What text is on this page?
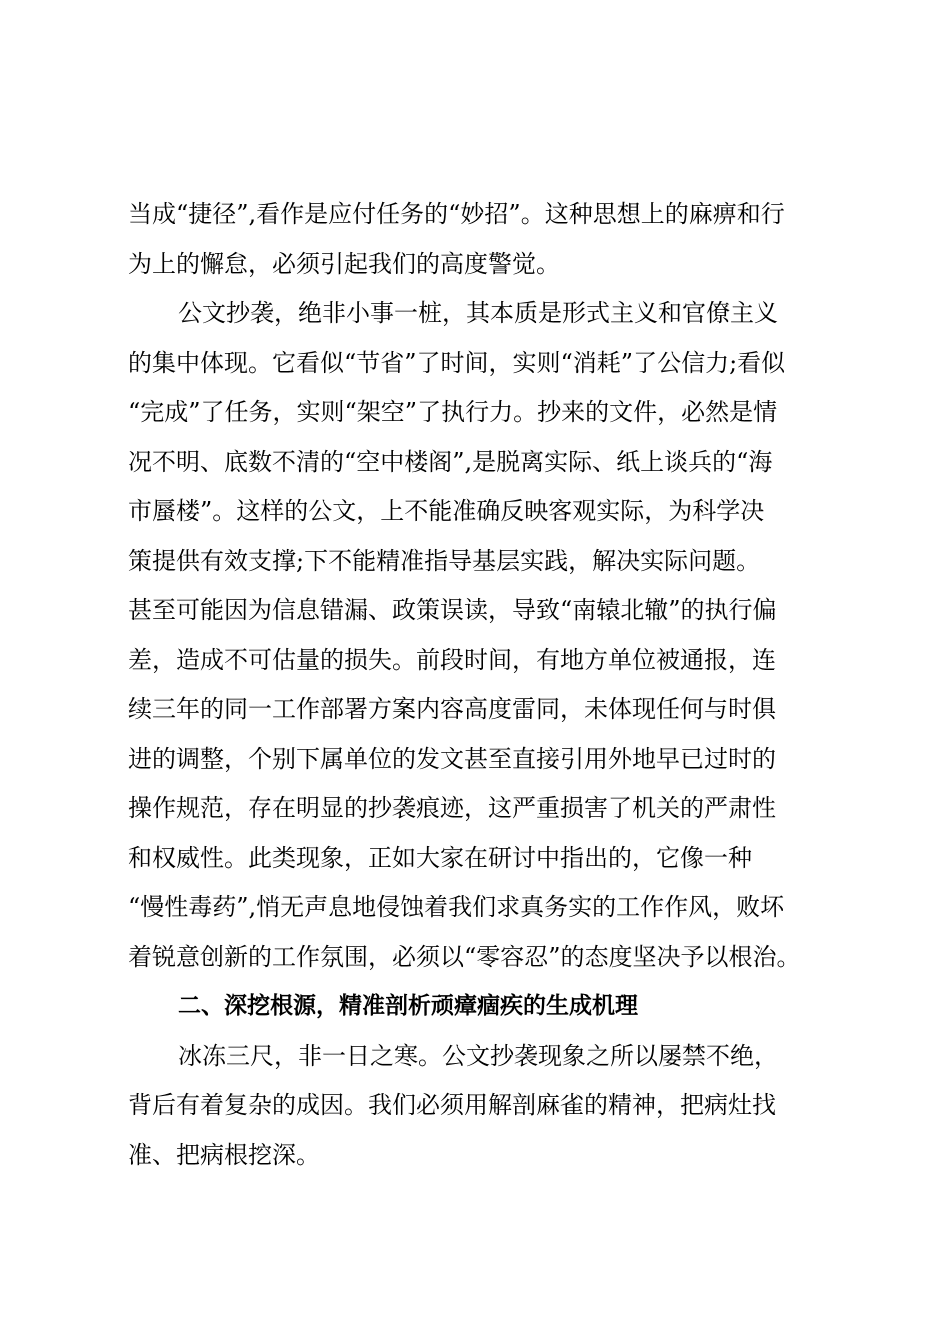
当成“捷径”,看作是应付任务的“妙招”。这种思想上的麻痹和行
为上的懈怠，必须引起我们的高度警觉。
公文抄袭，绝非小事一桩，其本质是形式主义和官僚主义
的集中体现。它看似“节省”了时间，实则“消耗”了公信力;看似
“完成”了任务，实则“架空”了执行力。抄来的文件，必然是情
况不明、底数不清的“空中楼阁”,是脱离实际、纸上谈兵的“海
市蜃楼”。这样的公文，上不能准确反映客观实际，为科学决
策提供有效支撑;下不能精准指导基层实践，解决实际问题。
甚至可能因为信息错漏、政策误读，导致“南辕北辙”的执行偏
差，造成不可估量的损失。前段时间，有地方单位被通报，连
续三年的同一工作部署方案内容高度雷同，未体现任何与时俱
进的调整，个别下属单位的发文甚至直接引用外地早已过时的
操作规范，存在明显的抄袭痕迹，这严重损害了机关的严肃性
和权威性。此类现象，正如大家在研讨中指出的，它像一种
“慢性毒药”,悄无声息地侵蚀着我们求真务实的工作作风，败坏
着锐意创新的工作氛围，必须以“零容忍”的态度坚决予以根治。
二、深挖根源，精准剖析顽瘴痼疾的生成机理
冰冻三尺，非一日之寒。公文抄袭现象之所以屡禁不绝，
背后有着复杂的成因。我们必须用解剖麻雀的精神，把病灶找
准、把病根挖深。
